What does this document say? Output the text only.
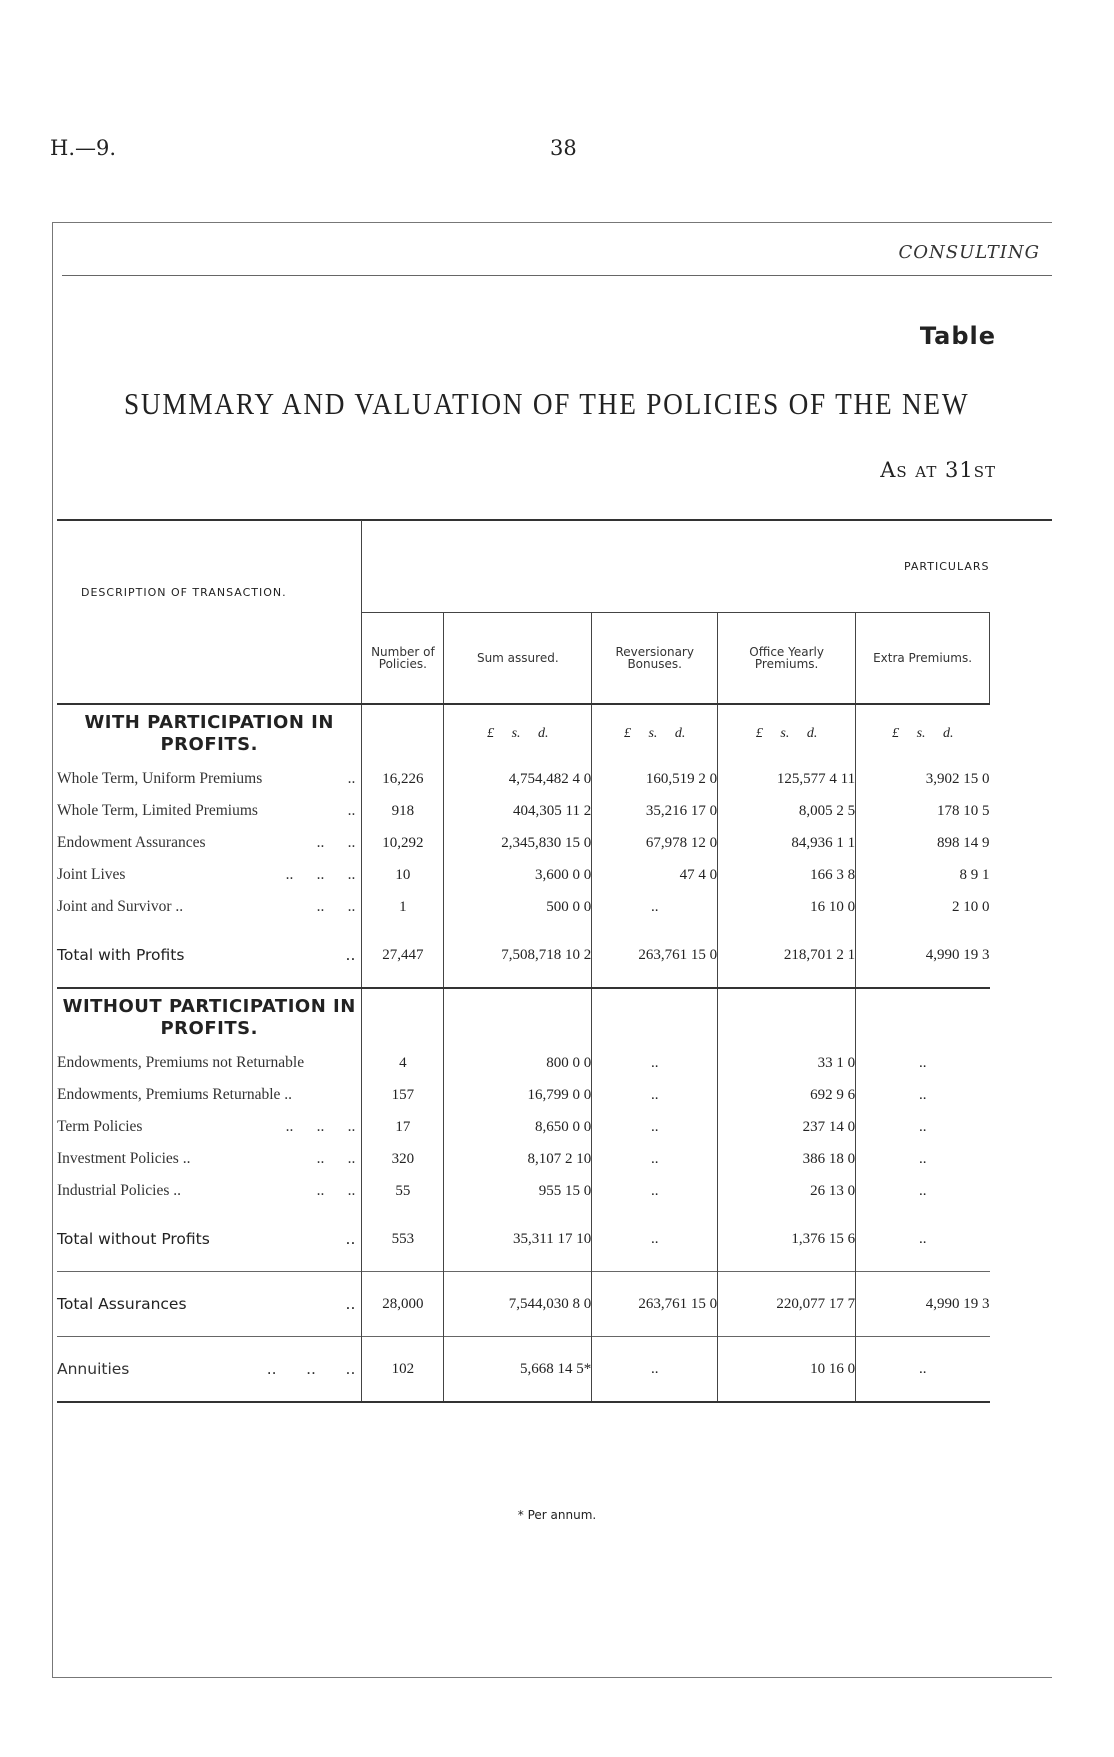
H.—9.	38
CONSULTING
Table
SUMMARY AND VALUATION OF THE POLICIES OF THE NEW
As at 31st
DESCRIPTION OF TRANSACTION.	PARTICULARS				
	Number of Policies.	Sum assured.	Reversionary Bonuses.	Office Yearly Premiums.	Extra Premiums.
WITH PARTICIPATION IN PROFITS.		£ s. d.	£ s. d.	£ s. d.	£ s. d.
Whole Term, Uniform Premiums ..	16,226	4,754,482 4 0	160,519 2 0	125,577 4 11	3,902 15 0
Whole Term, Limited Premiums ..	918	404,305 11 2	35,216 17 0	8,005 2 5	178 10 5
Endowment Assurances ..      ..	10,292	2,345,830 15 0	67,978 12 0	84,936 1 1	898 14 9
Joint Lives ..      ..      ..	10	3,600 0 0	47 4 0	166 3 8	8 9 1
Joint and Survivor .. ..      ..	1	500 0 0	..	16 10 0	2 10 0
Total with Profits ..	27,447	7,508,718 10 2	263,761 15 0	218,701 2 1	4,990 19 3
WITHOUT PARTICIPATION IN PROFITS.					
Endowments, Premiums not Returnable	4	800 0 0	..	33 1 0	..
Endowments, Premiums Returnable ..	157	16,799 0 0	..	692 9 6	..
Term Policies ..      ..      ..	17	8,650 0 0	..	237 14 0	..
Investment Policies .. ..      ..	320	8,107 2 10	..	386 18 0	..
Industrial Policies .. ..      ..	55	955 15 0	..	26 13 0	..
Total without Profits ..	553	35,311 17 10	..	1,376 15 6	..
Total Assurances ..	28,000	7,544,030 8 0	263,761 15 0	220,077 17 7	4,990 19 3
Annuities ..      ..      ..	102	5,668 14 5*	..	10 16 0	..
* Per annum.
